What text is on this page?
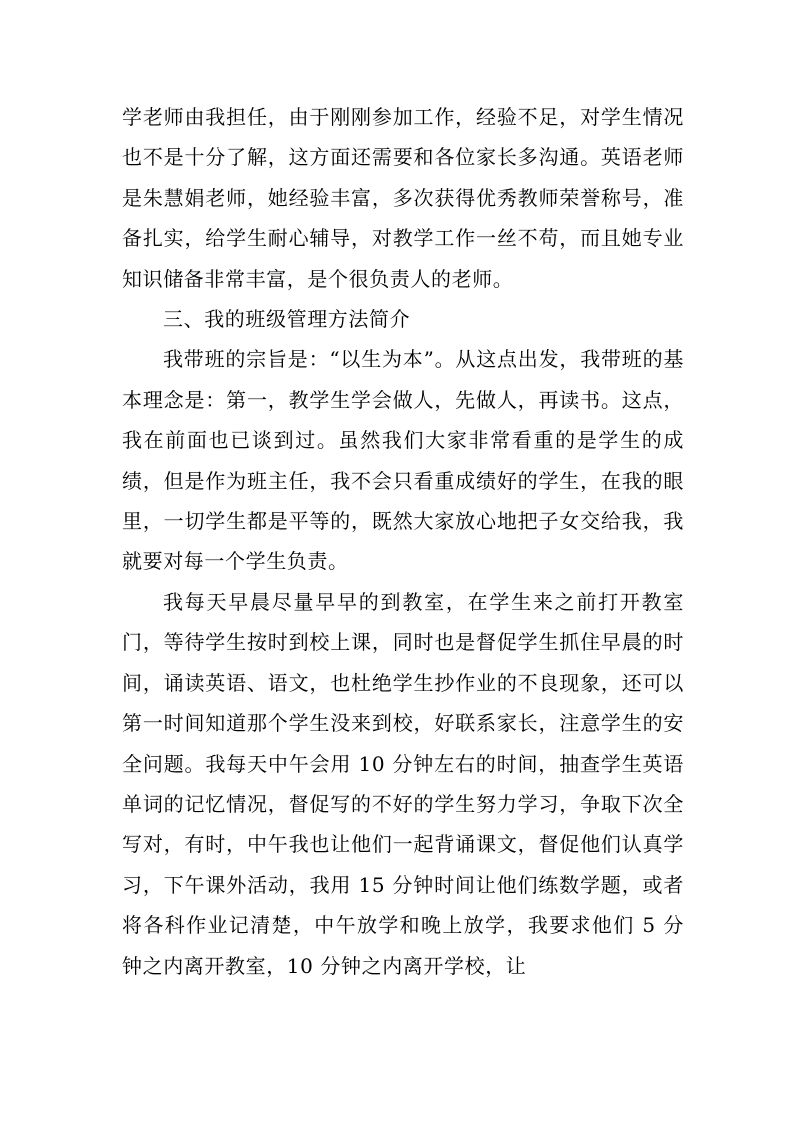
学老师由我担任，由于刚刚参加工作，经验不足，对学生情况也不是十分了解，这方面还需要和各位家长多沟通。英语老师是朱慧娟老师，她经验丰富，多次获得优秀教师荣誉称号，准备扎实，给学生耐心辅导，对教学工作一丝不苟，而且她专业知识储备非常丰富，是个很负责人的老师。

三、我的班级管理方法简介

我带班的宗旨是：“以生为本”。从这点出发，我带班的基本理念是：第一，教学生学会做人，先做人，再读书。这点，我在前面也已谈到过。虽然我们大家非常看重的是学生的成绩，但是作为班主任，我不会只看重成绩好的学生，在我的眼里，一切学生都是平等的，既然大家放心地把子女交给我，我就要对每一个学生负责。

我每天早晨尽量早早的到教室，在学生来之前打开教室门，等待学生按时到校上课，同时也是督促学生抓住早晨的时间，诵读英语、语文，也杜绝学生抄作业的不良现象，还可以第一时间知道那个学生没来到校，好联系家长，注意学生的安全问题。我每天中午会用 10 分钟左右的时间，抽查学生英语单词的记忆情况，督促写的不好的学生努力学习，争取下次全写对，有时，中午我也让他们一起背诵课文，督促他们认真学习，下午课外活动，我用 15 分钟时间让他们练数学题，或者将各科作业记清楚，中午放学和晚上放学，我要求他们 5 分钟之内离开教室，10 分钟之内离开学校，让
